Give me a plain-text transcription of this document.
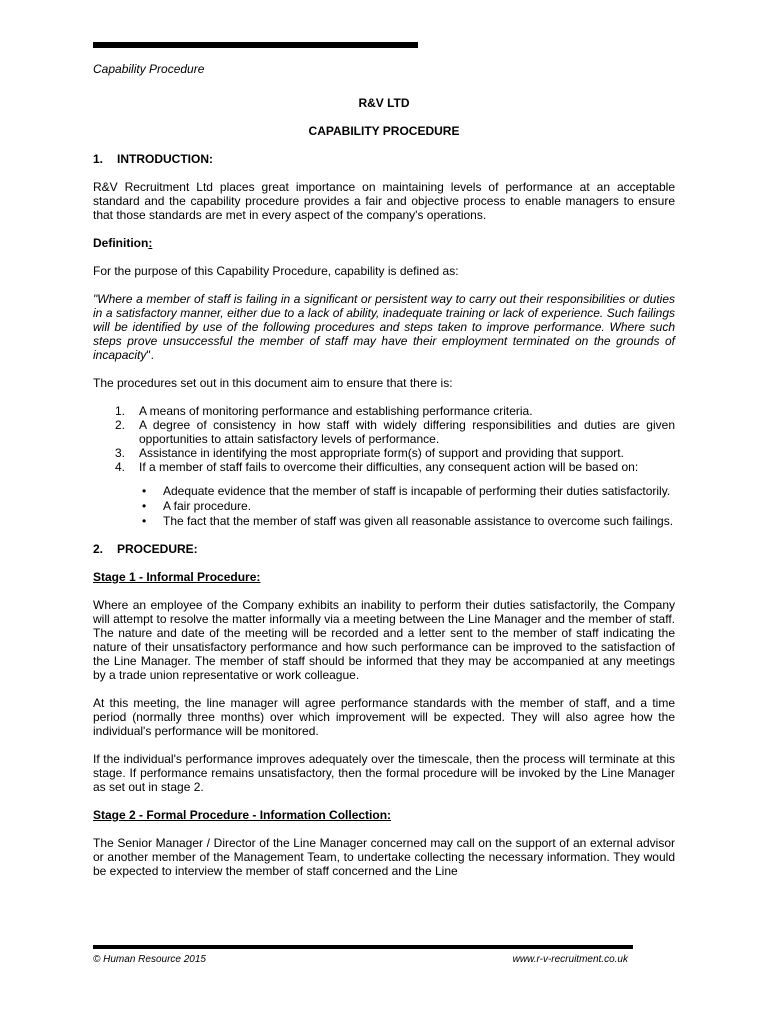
Capability Procedure
R&V LTD
CAPABILITY PROCEDURE
1. INTRODUCTION:

R&V Recruitment Ltd places great importance on maintaining levels of performance at an acceptable standard and the capability procedure provides a fair and objective process to enable managers to ensure that those standards are met in every aspect of the company's operations.

Definition:

For the purpose of this Capability Procedure, capability is defined as:

"Where a member of staff is failing in a significant or persistent way to carry out their responsibilities or duties in a satisfactory manner, either due to a lack of ability, inadequate training or lack of experience. Such failings will be identified by use of the following procedures and steps taken to improve performance. Where such steps prove unsuccessful the member of staff may have their employment terminated on the grounds of incapacity".

The procedures set out in this document aim to ensure that there is:

1. A means of monitoring performance and establishing performance criteria.
2. A degree of consistency in how staff with widely differing responsibilities and duties are given opportunities to attain satisfactory levels of performance.
3. Assistance in identifying the most appropriate form(s) of support and providing that support.
4. If a member of staff fails to overcome their difficulties, any consequent action will be based on:
• Adequate evidence that the member of staff is incapable of performing their duties satisfactorily.
• A fair procedure.
• The fact that the member of staff was given all reasonable assistance to overcome such failings.
2. PROCEDURE:
Stage 1 - Informal Procedure:

Where an employee of the Company exhibits an inability to perform their duties satisfactorily, the Company will attempt to resolve the matter informally via a meeting between the Line Manager and the member of staff. The nature and date of the meeting will be recorded and a letter sent to the member of staff indicating the nature of their unsatisfactory performance and how such performance can be improved to the satisfaction of the Line Manager. The member of staff should be informed that they may be accompanied at any meetings by a trade union representative or work colleague.

At this meeting, the line manager will agree performance standards with the member of staff, and a time period (normally three months) over which improvement will be expected. They will also agree how the individual's performance will be monitored.

If the individual's performance improves adequately over the timescale, then the process will terminate at this stage. If performance remains unsatisfactory, then the formal procedure will be invoked by the Line Manager as set out in stage 2.

Stage 2 - Formal Procedure - Information Collection:

The Senior Manager / Director of the Line Manager concerned may call on the support of an external advisor or another member of the Management Team, to undertake collecting the necessary information. They would be expected to interview the member of staff concerned and the Line

© Human Resource 2015	www.r-v-recruitment.co.uk
